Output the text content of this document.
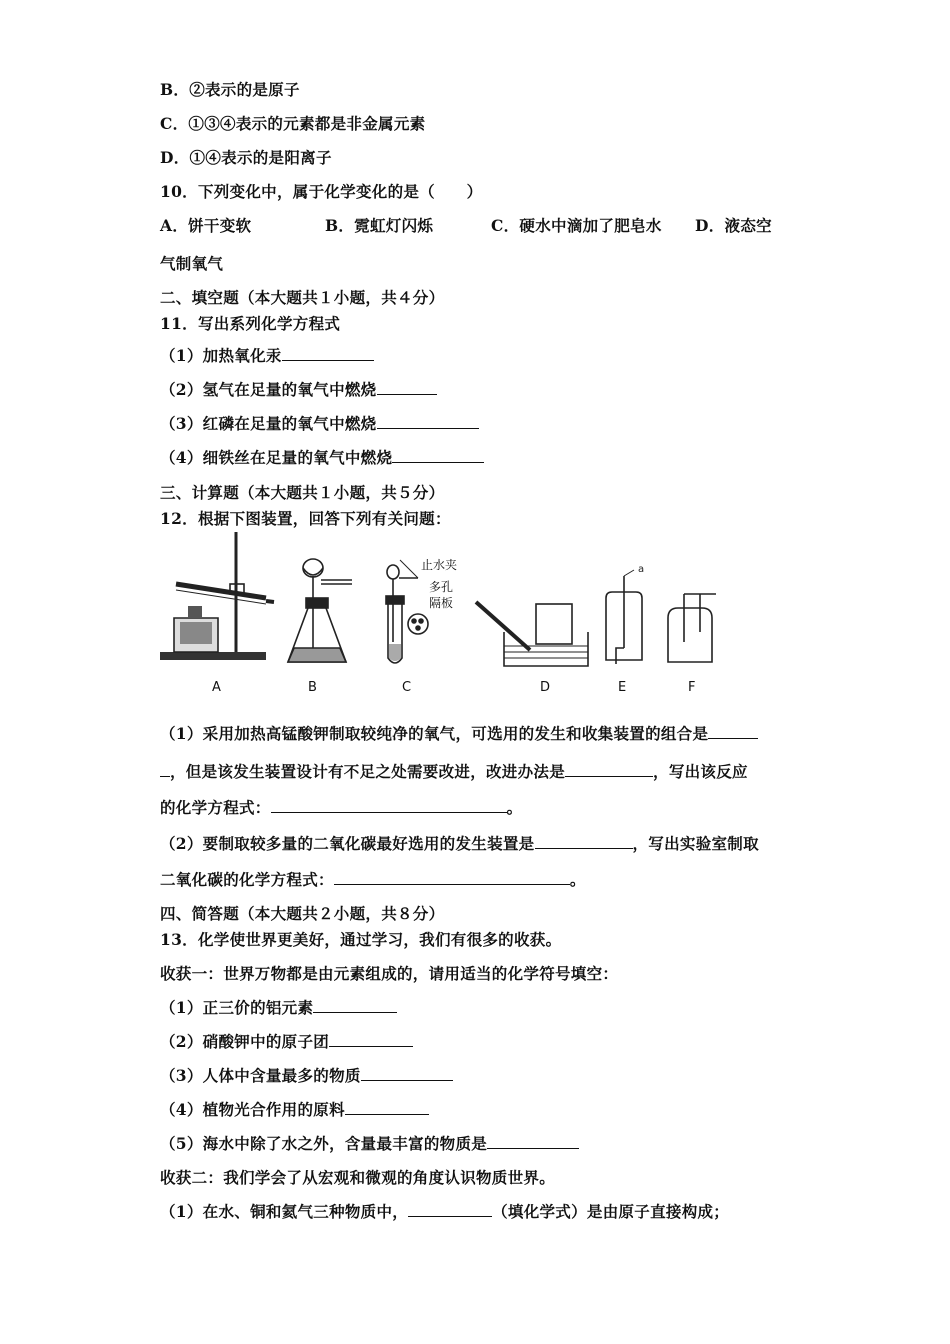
B．②表示的是原子
C．①③④表示的元素都是非金属元素
D．①④表示的是阳离子
10．下列变化中，属于化学变化的是（　　）
A．饼干变软	B．霓虹灯闪烁	C．硬水中滴加了肥皂水 D．液态空
气制氧气
二、填空题（本大题共１小题，共４分）
11．写出系列化学方程式
（1）加热氧化汞
（2）氢气在足量的氧气中燃烧
（3）红磷在足量的氧气中燃烧
（4）细铁丝在足量的氧气中燃烧
三、计算题（本大题共１小题，共５分）
12．根据下图装置，回答下列有关问题：
a
A	B	C	D	E	F
止水夹
多孔
隔板
（1）采用加热高锰酸钾制取较纯净的氧气，可选用的发生和收集装置的组合是
，但是该发生装置设计有不足之处需要改进，改进办法是	，写出该反应
的化学方程式：	。
（2）要制取较多量的二氧化碳最好选用的发生装置是	，写出实验室制取
二氧化碳的化学方程式：	。
四、简答题（本大题共２小题，共８分）
13．化学使世界更美好，通过学习，我们有很多的收获。
收获一：世界万物都是由元素组成的，请用适当的化学符号填空：
（1）正三价的铝元素
（2）硝酸钾中的原子团
（3）人体中含量最多的物质
（4）植物光合作用的原料
（5）海水中除了水之外，含量最丰富的物质是
收获二：我们学会了从宏观和微观的角度认识物质世界。
（1）在水、铜和氦气三种物质中，	（填化学式）是由原子直接构成；
